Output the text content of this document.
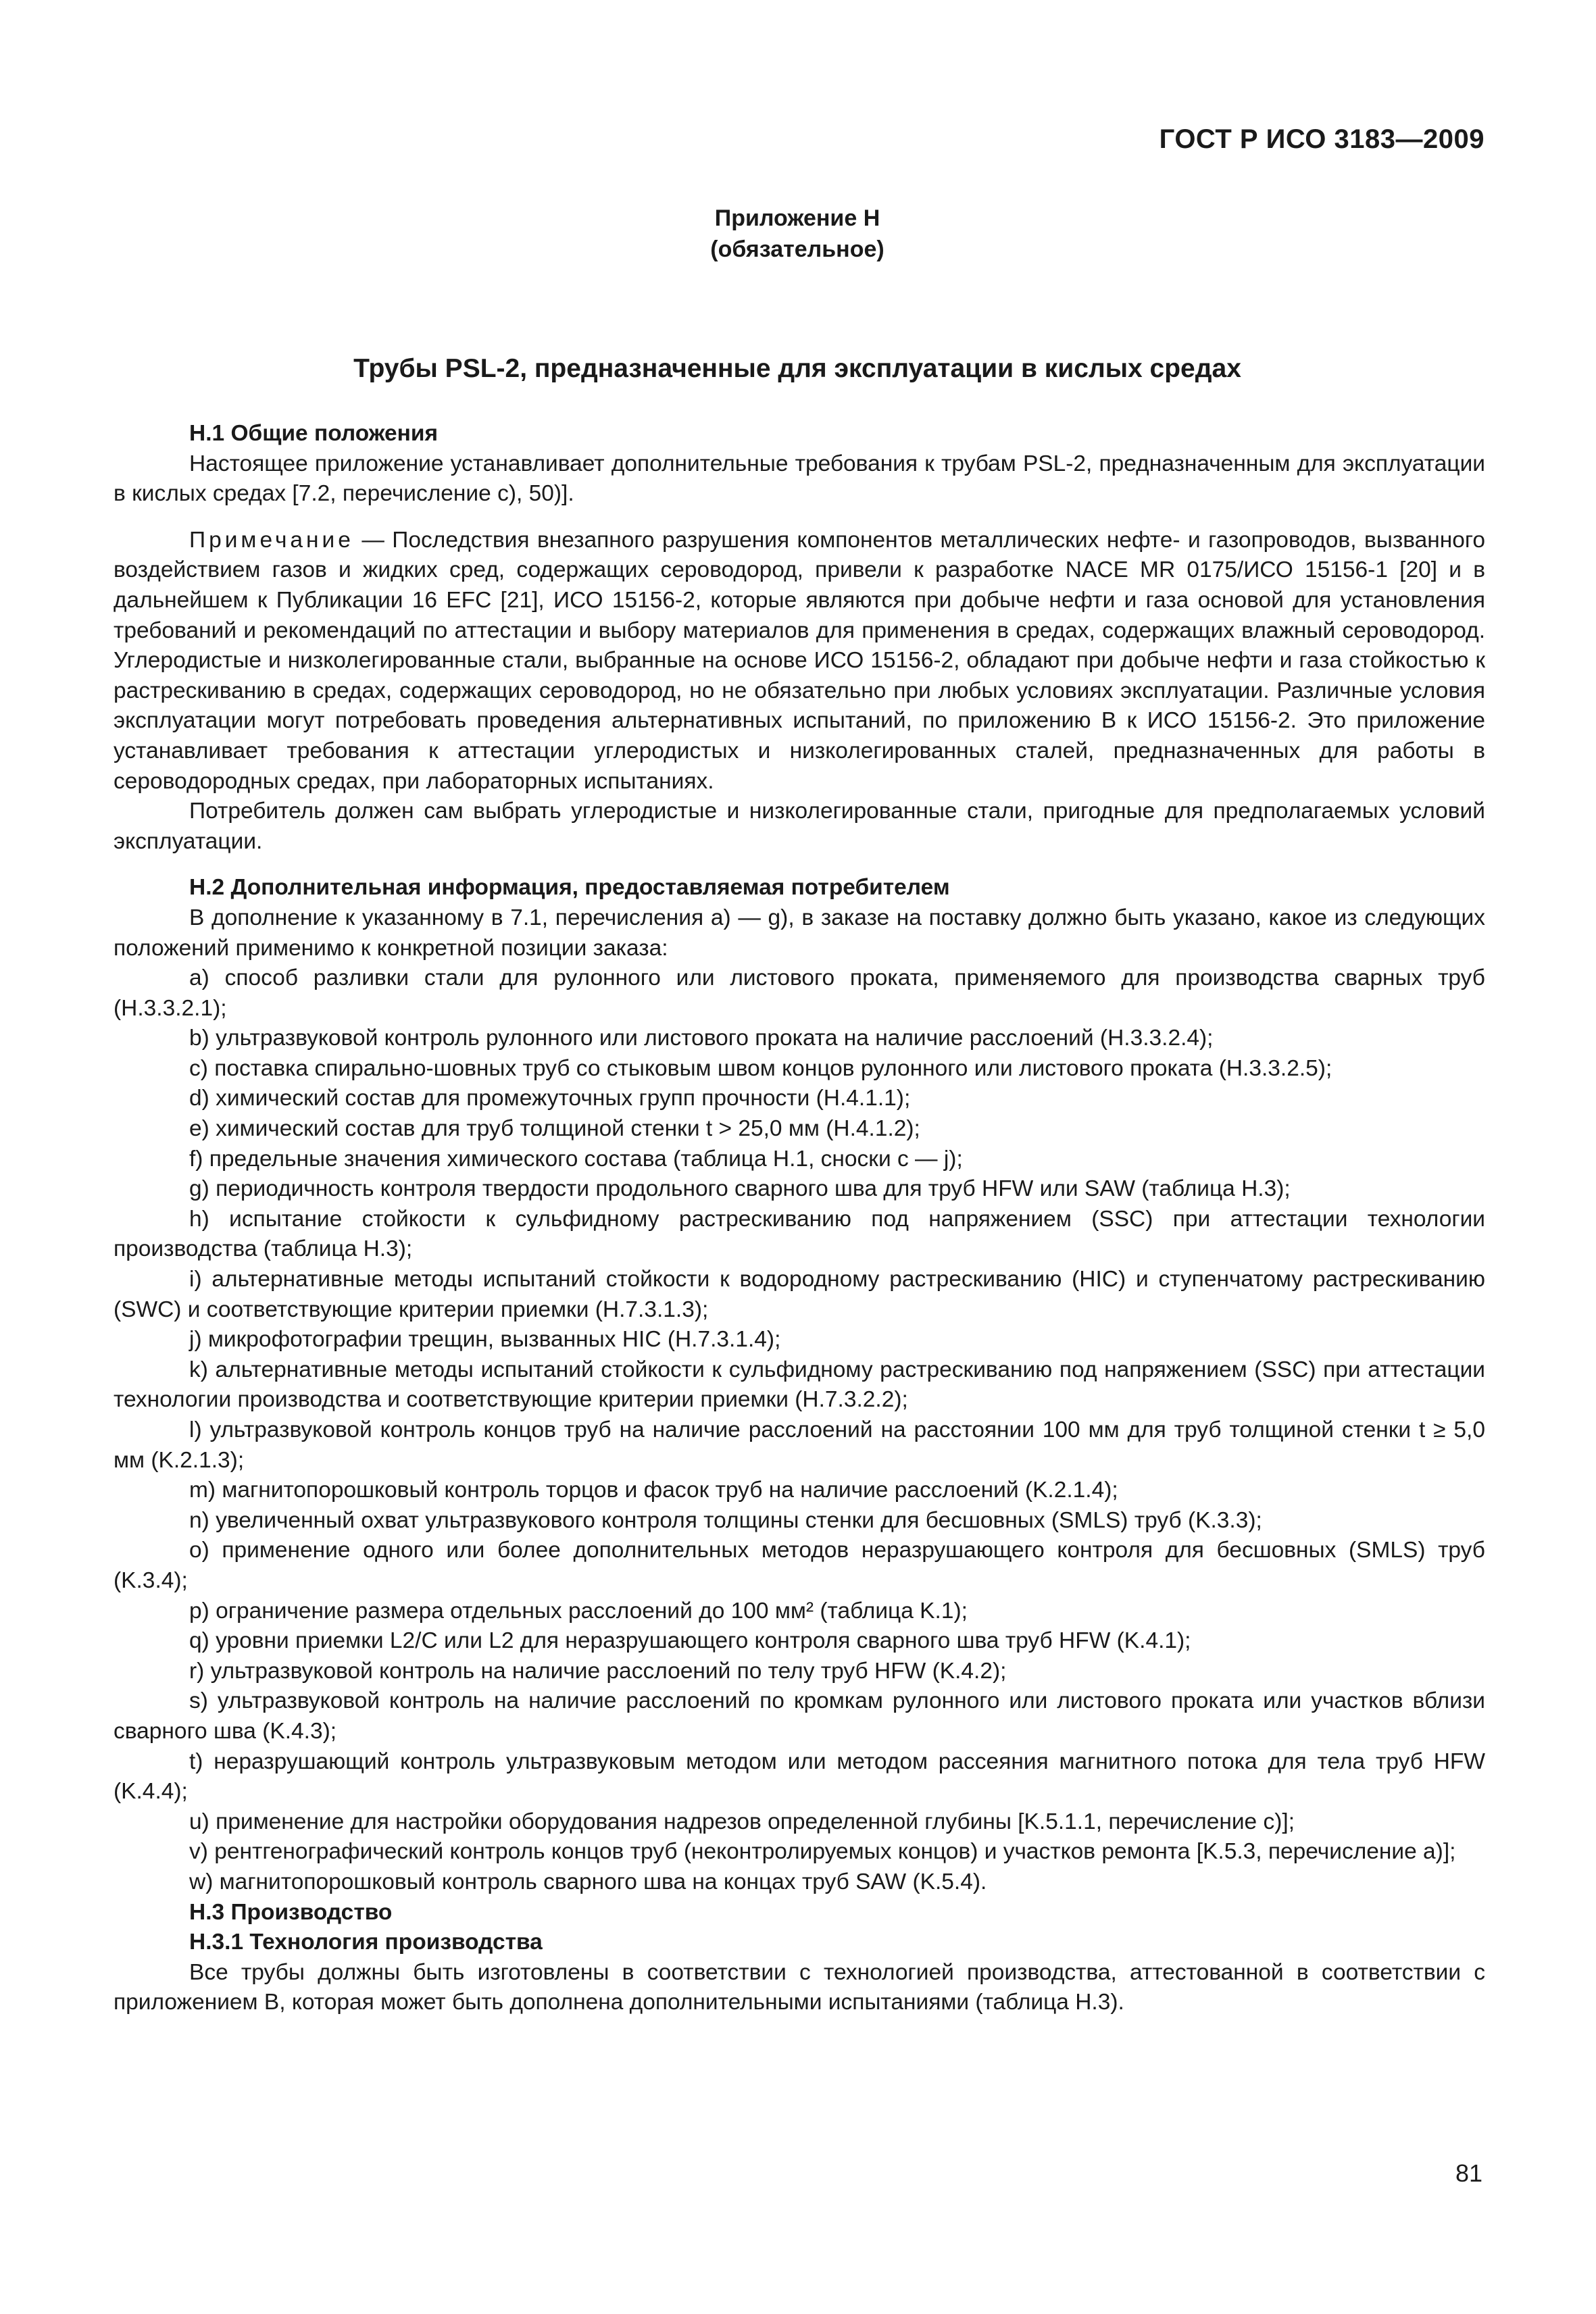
ГОСТ Р ИСО 3183—2009
Приложение Н
(обязательное)
Трубы PSL-2, предназначенные для эксплуатации в кислых средах

Н.1 Общие положения

Настоящее приложение устанавливает дополнительные требования к трубам PSL-2, предназначенным для эксплуатации в кислых средах [7.2, перечисление с), 50)].

Примечание — Последствия внезапного разрушения компонентов металлических нефте- и газопроводов, вызванного воздействием газов и жидких сред, содержащих сероводород, привели к разработке NACE MR 0175/ИСО 15156-1 [20] и в дальнейшем к Публикации 16 EFC [21], ИСО 15156-2, которые являются при добыче нефти и газа основой для установления требований и рекомендаций по аттестации и выбору материалов для применения в средах, содержащих влажный сероводород. Углеродистые и низколегированные стали, выбранные на основе ИСО 15156-2, обладают при добыче нефти и газа стойкостью к растрескиванию в средах, содержащих сероводород, но не обязательно при любых условиях эксплуатации. Различные условия эксплуатации могут потребовать проведения альтернативных испытаний, по приложению В к ИСО 15156-2. Это приложение устанавливает требования к аттестации углеродистых и низколегированных сталей, предназначенных для работы в сероводородных средах, при лабораторных испытаниях.

Потребитель должен сам выбрать углеродистые и низколегированные стали, пригодные для предполагаемых условий эксплуатации.

Н.2 Дополнительная информация, предоставляемая потребителем

В дополнение к указанному в 7.1, перечисления а) — g), в заказе на поставку должно быть указано, какое из следующих положений применимо к конкретной позиции заказа:

а) способ разливки стали для рулонного или листового проката, применяемого для производства сварных труб (Н.3.3.2.1);

b) ультразвуковой контроль рулонного или листового проката на наличие расслоений (Н.3.3.2.4);

с) поставка спирально-шовных труб со стыковым швом концов рулонного или листового проката (Н.3.3.2.5);

d) химический состав для промежуточных групп прочности (Н.4.1.1);

e) химический состав для труб толщиной стенки t > 25,0 мм (Н.4.1.2);

f) предельные значения химического состава (таблица Н.1, сноски с — j);

g) периодичность контроля твердости продольного сварного шва для труб HFW или SAW (таблица Н.3);

h) испытание стойкости к сульфидному растрескиванию под напряжением (SSC) при аттестации технологии производства (таблица Н.3);

i) альтернативные методы испытаний стойкости к водородному растрескиванию (HIC) и ступенчатому растрескиванию (SWC) и соответствующие критерии приемки (Н.7.3.1.3);

j) микрофотографии трещин, вызванных HIC (Н.7.3.1.4);

k) альтернативные методы испытаний стойкости к сульфидному растрескиванию под напряжением (SSC) при аттестации технологии производства и соответствующие критерии приемки (Н.7.3.2.2);

l) ультразвуковой контроль концов труб на наличие расслоений на расстоянии 100 мм для труб толщиной стенки t ≥ 5,0 мм (K.2.1.3);

m) магнитопорошковый контроль торцов и фасок труб на наличие расслоений (K.2.1.4);

n) увеличенный охват ультразвукового контроля толщины стенки для бесшовных (SMLS) труб (K.3.3);

о) применение одного или более дополнительных методов неразрушающего контроля для бесшовных (SMLS) труб (K.3.4);

p) ограничение размера отдельных расслоений до 100 мм² (таблица K.1);

q) уровни приемки L2/C или L2 для неразрушающего контроля сварного шва труб HFW (K.4.1);

r) ультразвуковой контроль на наличие расслоений по телу труб HFW (K.4.2);

s) ультразвуковой контроль на наличие расслоений по кромкам рулонного или листового проката или участков вблизи сварного шва (K.4.3);

t) неразрушающий контроль ультразвуковым методом или методом рассеяния магнитного потока для тела труб HFW (K.4.4);

u) применение для настройки оборудования надрезов определенной глубины [K.5.1.1, перечисление с)];

v) рентгенографический контроль концов труб (неконтролируемых концов) и участков ремонта [K.5.3, перечисление а)];

w) магнитопорошковый контроль сварного шва на концах труб SAW (K.5.4).

Н.3 Производство

Н.3.1 Технология производства

Все трубы должны быть изготовлены в соответствии с технологией производства, аттестованной в соответствии с приложением В, которая может быть дополнена дополнительными испытаниями (таблица Н.3).

81
